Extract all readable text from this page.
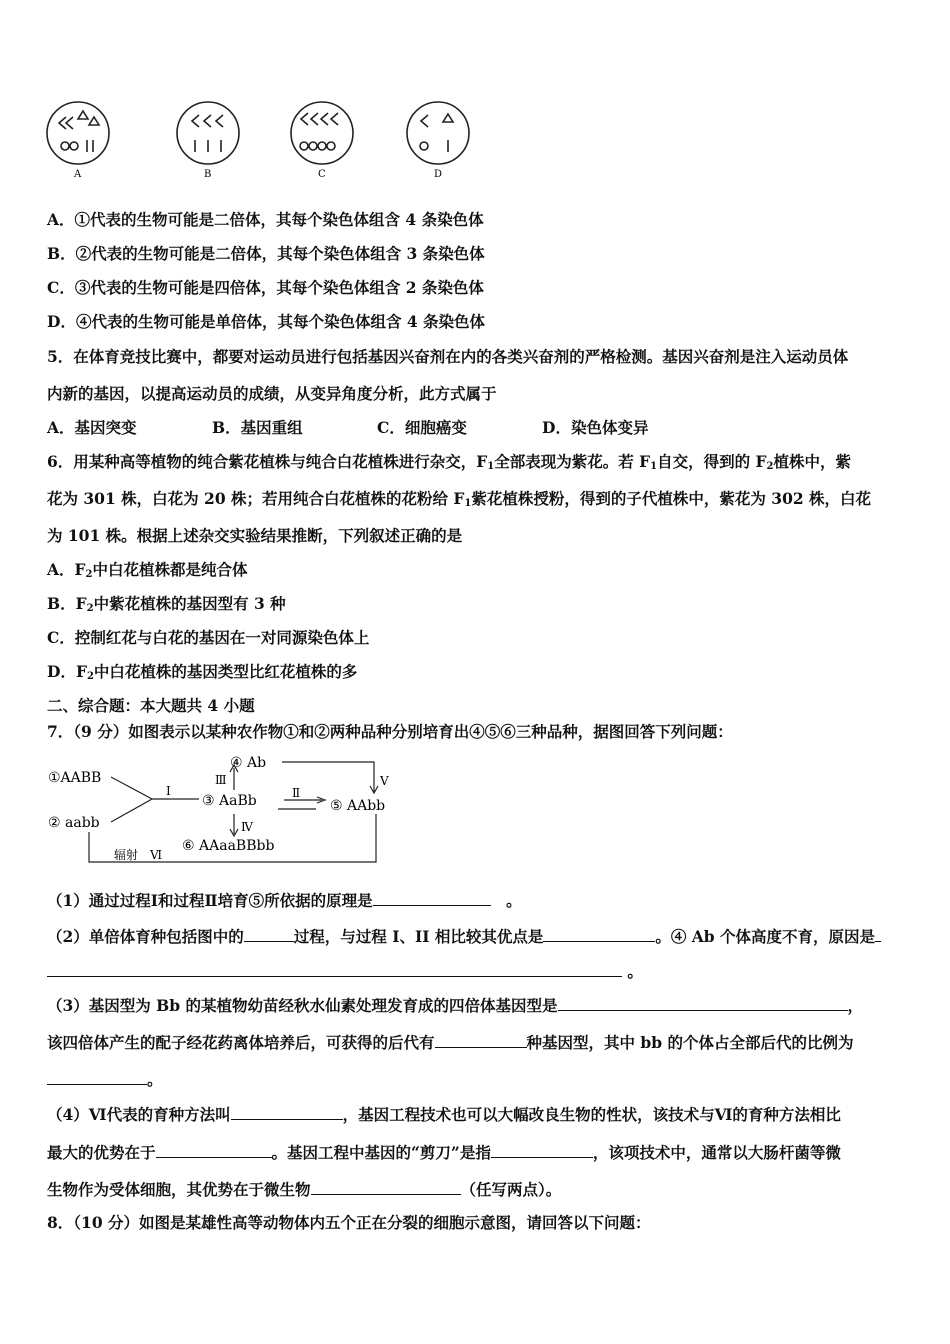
A	B	C	D
A．①代表的生物可能是二倍体，其每个染色体组含 4 条染色体
B．②代表的生物可能是二倍体，其每个染色体组含 3 条染色体
C．③代表的生物可能是四倍体，其每个染色体组含 2 条染色体
D．④代表的生物可能是单倍体，其每个染色体组含 4 条染色体
5．在体育竞技比赛中，都要对运动员进行包括基因兴奋剂在内的各类兴奋剂的严格检测。基因兴奋剂是注入运动员体
内新的基因，以提高运动员的成绩，从变异角度分析，此方式属于
A．基因突变	B．基因重组	C．细胞癌变	D．染色体变异
6．用某种高等植物的纯合紫花植株与纯合白花植株进行杂交，$F_1$全部表现为紫花。若 $F_1$自交，得到的 $F_2$植株中，紫
花为 301 株，白花为 20 株；若用纯合白花植株的花粉给 $F_1$紫花植株授粉，得到的子代植株中，紫花为 302 株，白花
为 101 株。根据上述杂交实验结果推断，下列叙述正确的是
A．$F_2$中白花植株都是纯合体
B．$F_2$中紫花植株的基因型有 3 种
C．控制红花与白花的基因在一对同源染色体上
D．$F_2$中白花植株的基因类型比红花植株的多
二、综合题：本大题共 4 小题
7．（9 分）如图表示以某种农作物①和②两种品种分别培育出④⑤⑥三种品种，据图回答下列问题：
①AABB
② aabb
③ AaBb
④ Ab
⑤ AAbb
⑥ AAaaBBbb
Ⅰ	Ⅱ
Ⅲ
Ⅳ
Ⅴ
辐射　Ⅵ
（1）通过过程Ⅰ和过程Ⅱ培育⑤所依据的原理是	　。
（2）单倍体育种包括图中的	过程，与过程 I、II 相比较其优点是	。④ Ab 个体高度不育，原因是
。
（3）基因型为 Bb 的某植物幼苗经秋水仙素处理发育成的四倍体基因型是	，
该四倍体产生的配子经花药离体培养后，可获得的后代有	种基因型，其中 bb 的个体占全部后代的比例为
。
（4）Ⅵ代表的育种方法叫	，基因工程技术也可以大幅改良生物的性状，该技术与Ⅵ的育种方法相比
最大的优势在于	。基因工程中基因的“剪刀”是指	，该项技术中，通常以大肠杆菌等微
生物作为受体细胞，其优势在于微生物	（任写两点）。
8．（10 分）如图是某雄性高等动物体内五个正在分裂的细胞示意图，请回答以下问题：
